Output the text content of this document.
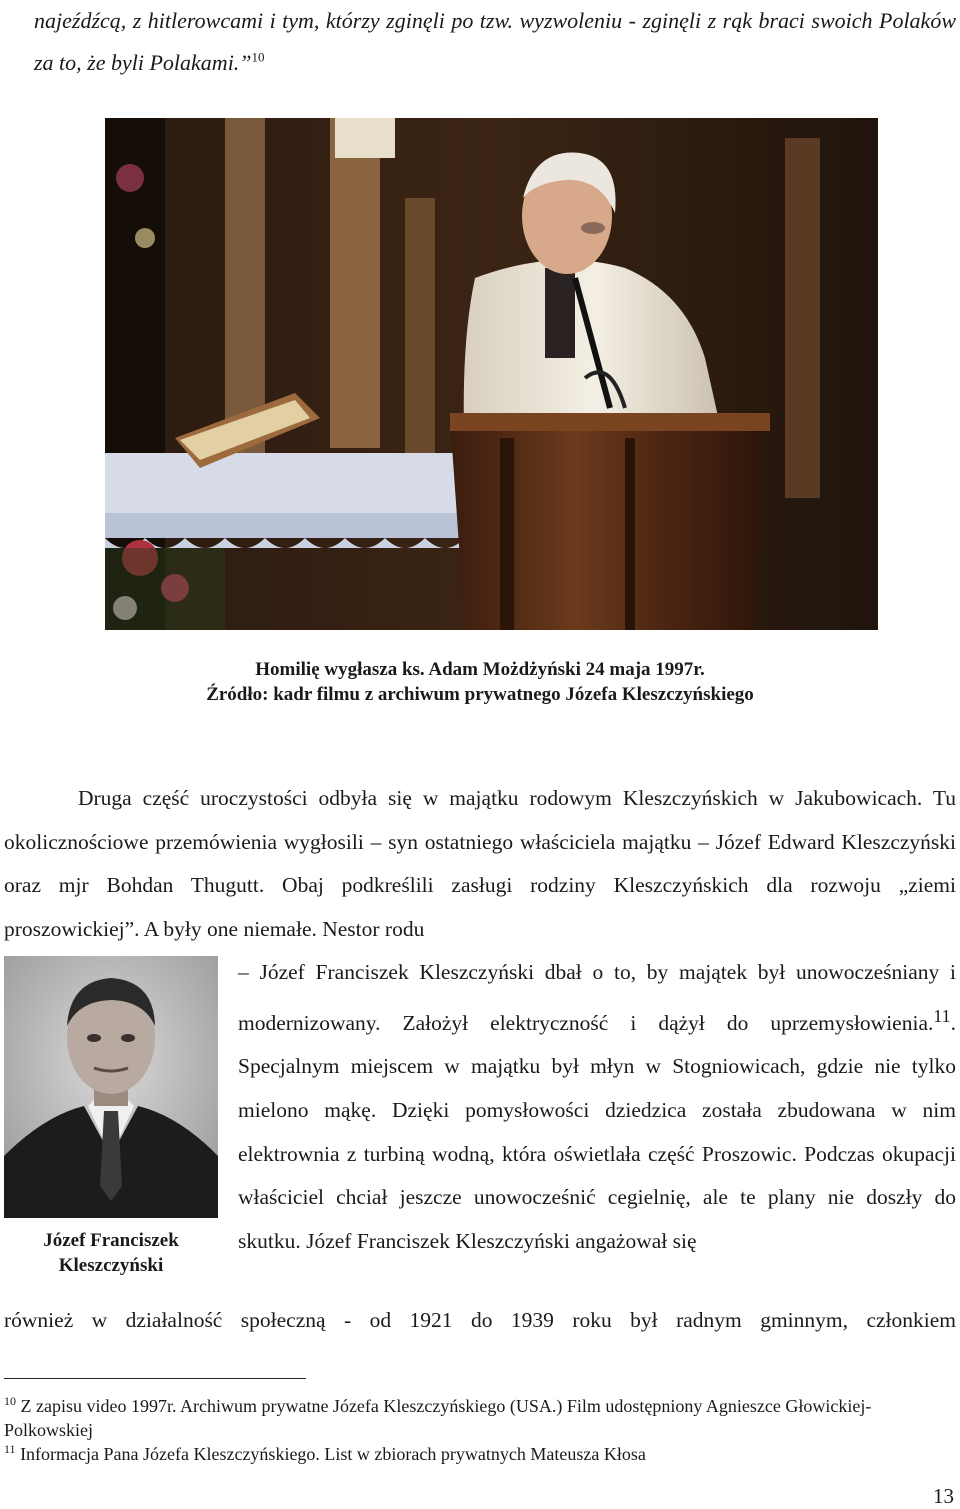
najeźdźcą, z hitlerowcami i tym, którzy zginęli po tzw. wyzwoleniu - zginęli z rąk braci swoich Polaków za to, że byli Polakami.”$^{10}$

Homilię wygłasza ks. Adam Możdżyński 24 maja 1997r.

Źródło: kadr filmu z archiwum prywatnego Józefa Kleszczyńskiego

Druga część uroczystości odbyła się w majątku rodowym Kleszczyńskich w Jakubowicach. Tu okolicznościowe przemówienia wygłosili – syn ostatniego właściciela majątku – Józef Edward Kleszczyński oraz mjr Bohdan Thugutt. Obaj podkreślili zasługi rodziny Kleszczyńskich dla rozwoju „ziemi proszowickiej”. A były one niemałe. Nestor rodu

Józef Franciszek
Kleszczyński

– Józef Franciszek Kleszczyński dbał o to, by majątek był unowocześniany i modernizowany. Założył elektryczność i dążył do uprzemysłowienia.$^{11}$. Specjalnym miejscem w majątku był młyn w Stogniowicach, gdzie nie tylko mielono mąkę. Dzięki pomysłowości dziedzica została zbudowana w nim elektrownia z turbiną wodną, która oświetlała część Proszowic. Podczas okupacji właściciel chciał jeszcze unowocześnić cegielnię, ale te plany nie doszły do skutku. Józef Franciszek Kleszczyński angażował się

również w działalność społeczną - od 1921 do 1939 roku był radnym gminnym, członkiem

$^{10}$ Z zapisu video 1997r. Archiwum prywatne Józefa Kleszczyńskiego (USA.) Film udostępniony Agnieszce Głowickiej- Polkowskiej

$^{11}$ Informacja Pana Józefa Kleszczyńskiego. List w zbiorach prywatnych Mateusza Kłosa

13
